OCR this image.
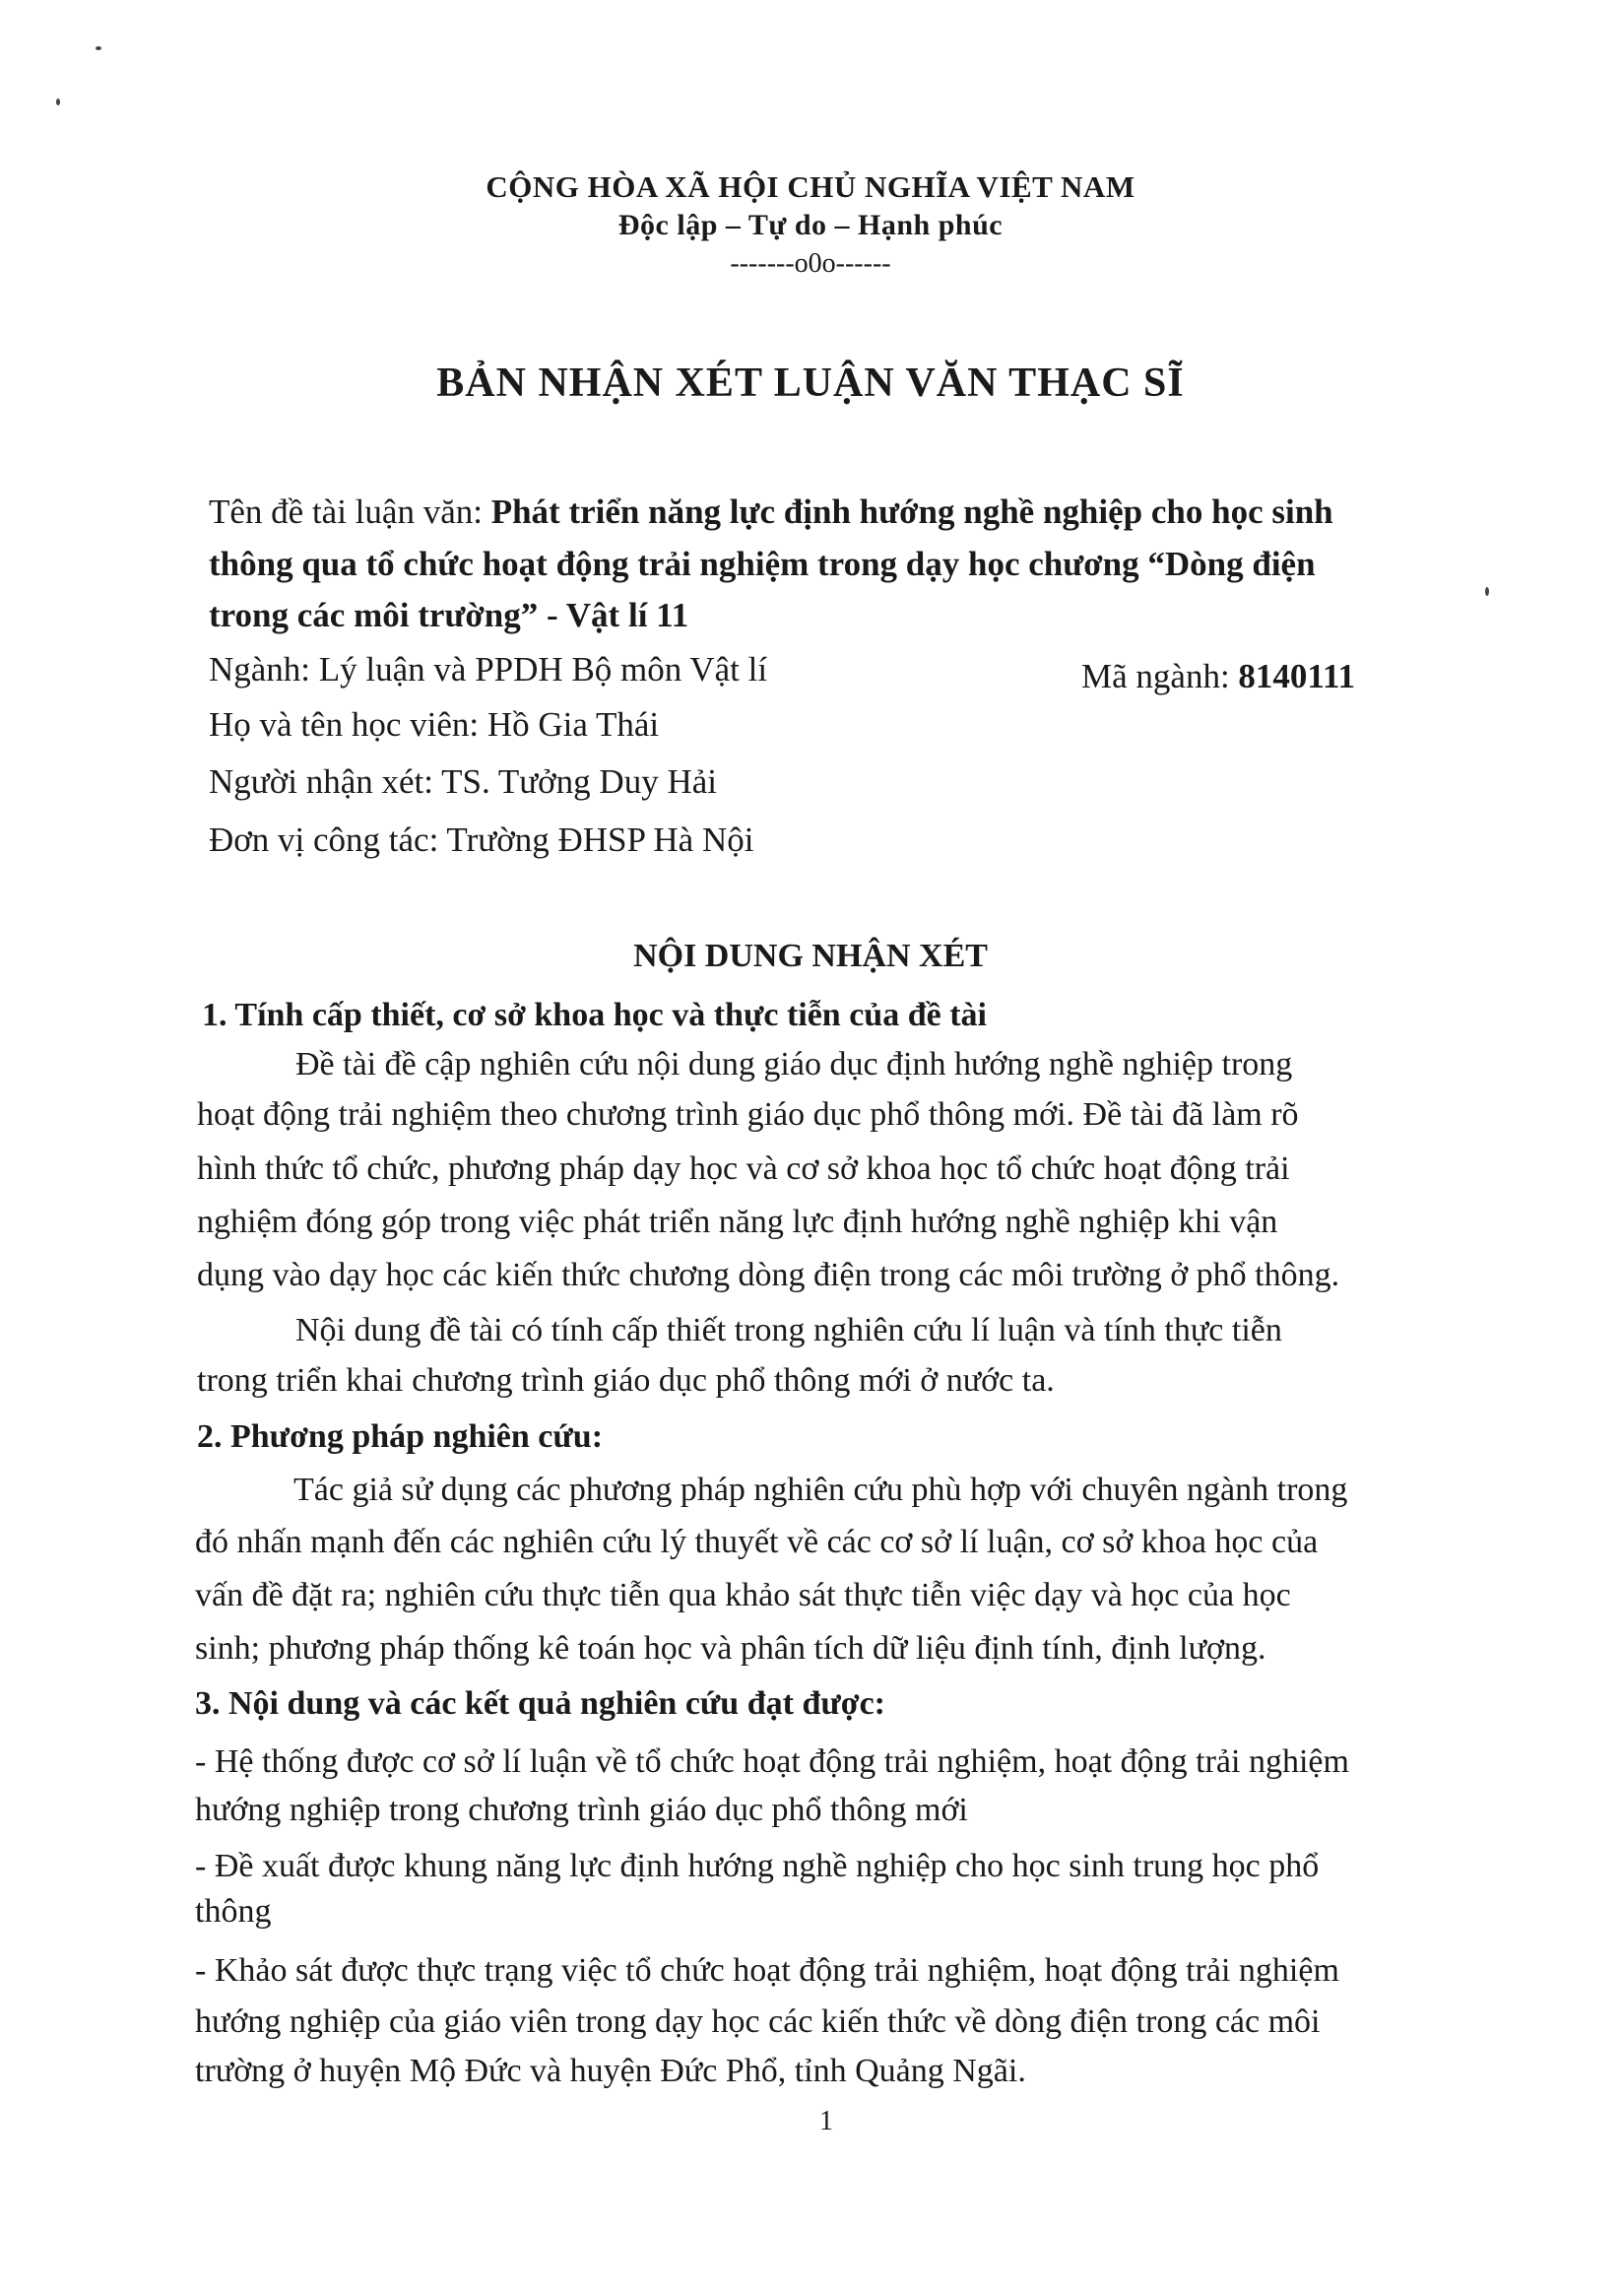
CỘNG HÒA XÃ HỘI CHỦ NGHĨA VIỆT NAM
Độc lập – Tự do – Hạnh phúc
-------o0o------
BẢN NHẬN XÉT LUẬN VĂN THẠC SĨ
Tên đề tài luận văn: Phát triển năng lực định hướng nghề nghiệp cho học sinh
thông qua tổ chức hoạt động trải nghiệm trong dạy học chương “Dòng điện
trong các môi trường” - Vật lí 11
Ngành: Lý luận và PPDH Bộ môn Vật lí	Mã ngành: 8140111
Họ và tên học viên: Hồ Gia Thái
Người nhận xét: TS. Tưởng Duy Hải
Đơn vị công tác: Trường ĐHSP Hà Nội
NỘI DUNG NHẬN XÉT
1. Tính cấp thiết, cơ sở khoa học và thực tiễn của đề tài
Đề tài đề cập nghiên cứu nội dung giáo dục định hướng nghề nghiệp trong
hoạt động trải nghiệm theo chương trình giáo dục phổ thông mới. Đề tài đã làm rõ
hình thức tổ chức, phương pháp dạy học và cơ sở khoa học tổ chức hoạt động trải
nghiệm đóng góp trong việc phát triển năng lực định hướng nghề nghiệp khi vận
dụng vào dạy học các kiến thức chương dòng điện trong các môi trường ở phổ thông.
Nội dung đề tài có tính cấp thiết trong nghiên cứu lí luận và tính thực tiễn
trong triển khai chương trình giáo dục phổ thông mới ở nước ta.
2. Phương pháp nghiên cứu:
Tác giả sử dụng các phương pháp nghiên cứu phù hợp với chuyên ngành trong
đó nhấn mạnh đến các nghiên cứu lý thuyết về các cơ sở lí luận, cơ sở khoa học của
vấn đề đặt ra; nghiên cứu thực tiễn qua khảo sát thực tiễn việc dạy và học của học
sinh; phương pháp thống kê toán học và phân tích dữ liệu định tính, định lượng.
3. Nội dung và các kết quả nghiên cứu đạt được:
- Hệ thống được cơ sở lí luận về tổ chức hoạt động trải nghiệm, hoạt động trải nghiệm
hướng nghiệp trong chương trình giáo dục phổ thông mới
- Đề xuất được khung năng lực định hướng nghề nghiệp cho học sinh trung học phổ
thông
- Khảo sát được thực trạng việc tổ chức hoạt động trải nghiệm, hoạt động trải nghiệm
hướng nghiệp của giáo viên trong dạy học các kiến thức về dòng điện trong các môi
trường ở huyện Mộ Đức và huyện Đức Phổ, tỉnh Quảng Ngãi.
1
